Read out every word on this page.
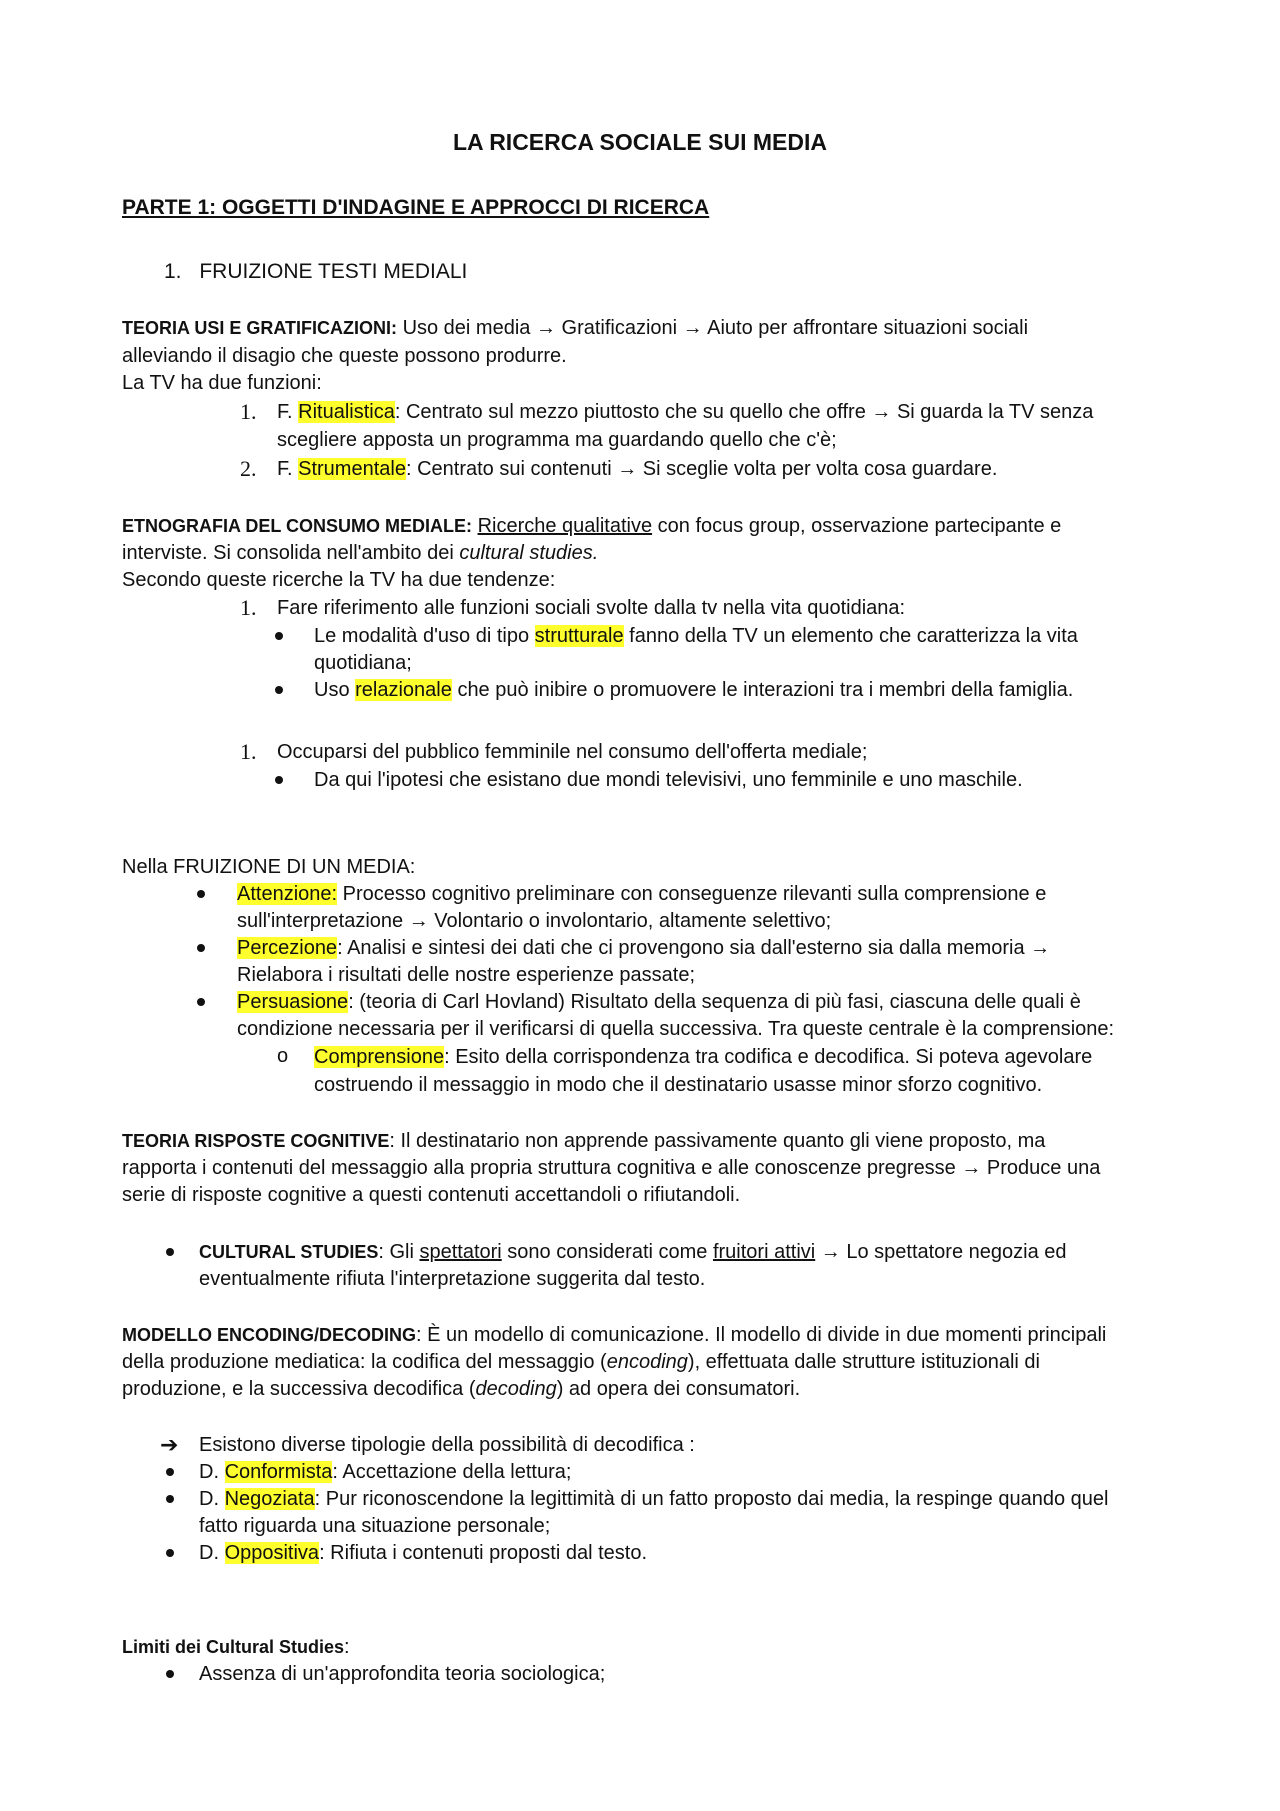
LA RICERCA SOCIALE SUI MEDIA
PARTE 1: OGGETTI D'INDAGINE E APPROCCI DI RICERCA
1. FRUIZIONE TESTI MEDIALI
TEORIA USI E GRATIFICAZIONI: Uso dei media → Gratificazioni → Aiuto per affrontare situazioni sociali
alleviando il disagio che queste possono produrre.
La TV ha due funzioni:
1. F. Ritualistica: Centrato sul mezzo piuttosto che su quello che offre → Si guarda la TV senza
scegliere apposta un programma ma guardando quello che c'è;
2. F. Strumentale: Centrato sui contenuti → Si sceglie volta per volta cosa guardare.
ETNOGRAFIA DEL CONSUMO MEDIALE: Ricerche qualitative con focus group, osservazione partecipante e
interviste. Si consolida nell'ambito dei cultural studies.
Secondo queste ricerche la TV ha due tendenze:
1. Fare riferimento alle funzioni sociali svolte dalla tv nella vita quotidiana:
Le modalità d'uso di tipo strutturale fanno della TV un elemento che caratterizza la vita
quotidiana;
Uso relazionale che può inibire o promuovere le interazioni tra i membri della famiglia.
1. Occuparsi del pubblico femminile nel consumo dell'offerta mediale;
Da qui l'ipotesi che esistano due mondi televisivi, uno femminile e uno maschile.
Nella FRUIZIONE DI UN MEDIA:
Attenzione: Processo cognitivo preliminare con conseguenze rilevanti sulla comprensione e
sull'interpretazione → Volontario o involontario, altamente selettivo;
Percezione: Analisi e sintesi dei dati che ci provengono sia dall'esterno sia dalla memoria →
Rielabora i risultati delle nostre esperienze passate;
Persuasione: (teoria di Carl Hovland) Risultato della sequenza di più fasi, ciascuna delle quali è
condizione necessaria per il verificarsi di quella successiva. Tra queste centrale è la comprensione:
o Comprensione: Esito della corrispondenza tra codifica e decodifica. Si poteva agevolare
costruendo il messaggio in modo che il destinatario usasse minor sforzo cognitivo.
TEORIA RISPOSTE COGNITIVE: Il destinatario non apprende passivamente quanto gli viene proposto, ma
rapporta i contenuti del messaggio alla propria struttura cognitiva e alle conoscenze pregresse → Produce una
serie di risposte cognitive a questi contenuti accettandoli o rifiutandoli.
CULTURAL STUDIES: Gli spettatori sono considerati come fruitori attivi → Lo spettatore negozia ed
eventualmente rifiuta l'interpretazione suggerita dal testo.
MODELLO ENCODING/DECODING: È un modello di comunicazione. Il modello di divide in due momenti principali
della produzione mediatica: la codifica del messaggio (encoding), effettuata dalle strutture istituzionali di
produzione, e la successiva decodifica (decoding) ad opera dei consumatori.
➔ Esistono diverse tipologie della possibilità di decodifica :
D. Conformista: Accettazione della lettura;
D. Negoziata: Pur riconoscendone la legittimità di un fatto proposto dai media, la respinge quando quel
fatto riguarda una situazione personale;
D. Oppositiva: Rifiuta i contenuti proposti dal testo.
Limiti dei Cultural Studies:
Assenza di un'approfondita teoria sociologica;
